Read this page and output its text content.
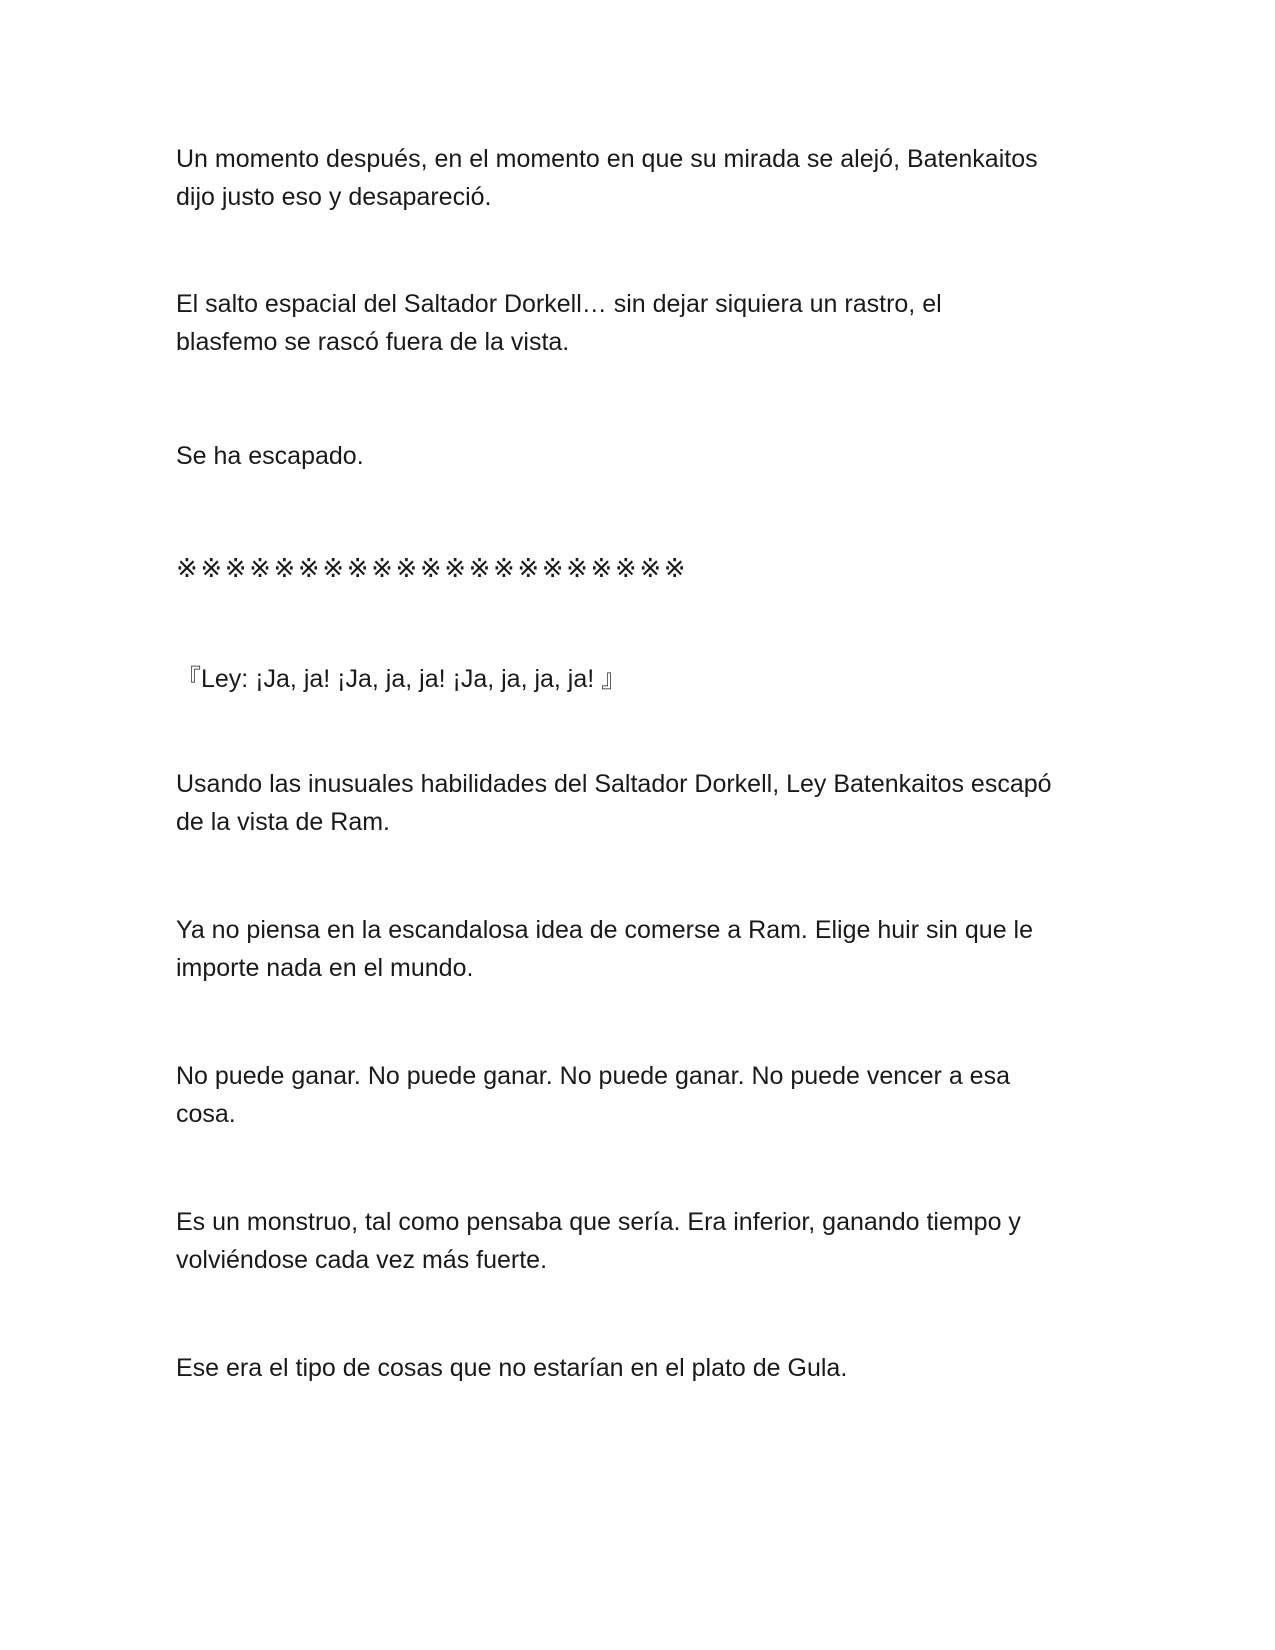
Un momento después, en el momento en que su mirada se alejó, Batenkaitos
dijo justo eso y desapareció.

El salto espacial del Saltador Dorkell… sin dejar siquiera un rastro, el
blasfemo se rascó fuera de la vista.

Se ha escapado.

※※※※※※※※※※※※※※※※※※※※※

『Ley: ¡Ja, ja! ¡Ja, ja, ja! ¡Ja, ja, ja, ja! 』

Usando las inusuales habilidades del Saltador Dorkell, Ley Batenkaitos escapó
de la vista de Ram.

Ya no piensa en la escandalosa idea de comerse a Ram. Elige huir sin que le
importe nada en el mundo.

No puede ganar. No puede ganar. No puede ganar. No puede vencer a esa
cosa.

Es un monstruo, tal como pensaba que sería. Era inferior, ganando tiempo y
volviéndose cada vez más fuerte.

Ese era el tipo de cosas que no estarían en el plato de Gula.
